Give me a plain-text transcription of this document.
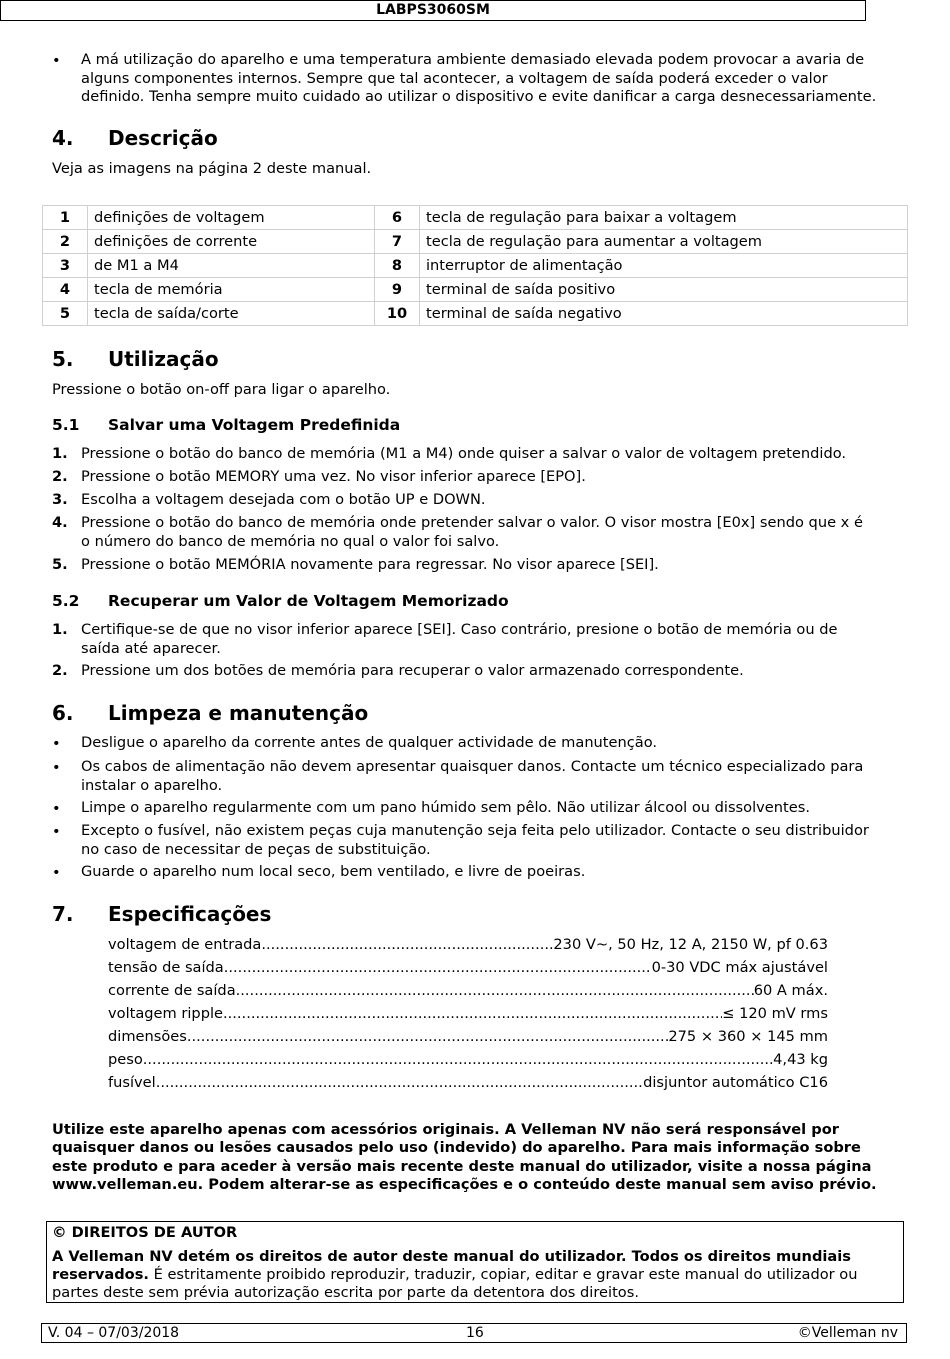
LABPS3060SM
• A má utilização do aparelho e uma temperatura ambiente demasiado elevada podem provocar a avaria de
alguns componentes internos. Sempre que tal acontecer, a voltagem de saída poderá exceder o valor
definido. Tenha sempre muito cuidado ao utilizar o dispositivo e evite danificar a carga desnecessariamente.
4. Descrição
Veja as imagens na página 2 deste manual.
1	definições de voltagem	6	tecla de regulação para baixar a voltagem
2	definições de corrente	7	tecla de regulação para aumentar a voltagem
3	de M1 a M4	8	interruptor de alimentação
4	tecla de memória	9	terminal de saída positivo
5	tecla de saída/corte	10	terminal de saída negativo
5. Utilização
Pressione o botão on-off para ligar o aparelho.
5.1 Salvar uma Voltagem Predefinida
1. Pressione o botão do banco de memória (M1 a M4) onde quiser a salvar o valor de voltagem pretendido.
2. Pressione o botão MEMORY uma vez. No visor inferior aparece [EPO].
3. Escolha a voltagem desejada com o botão UP e DOWN.
4. Pressione o botão do banco de memória onde pretender salvar o valor. O visor mostra [E0x] sendo que x é
o número do banco de memória no qual o valor foi salvo.
5. Pressione o botão MEMÓRIA novamente para regressar. No visor aparece [SEI].
5.2 Recuperar um Valor de Voltagem Memorizado
1. Certifique-se de que no visor inferior aparece [SEI]. Caso contrário, presione o botão de memória ou de
saída até aparecer.
2. Pressione um dos botões de memória para recuperar o valor armazenado correspondente.
6. Limpeza e manutenção
• Desligue o aparelho da corrente antes de qualquer actividade de manutenção.
• Os cabos de alimentação não devem apresentar quaisquer danos. Contacte um técnico especializado para
instalar o aparelho.
• Limpe o aparelho regularmente com um pano húmido sem pêlo. Não utilizar álcool ou dissolventes.
• Excepto o fusível, não existem peças cuja manutenção seja feita pelo utilizador. Contacte o seu distribuidor
no caso de necessitar de peças de substituição.
• Guarde o aparelho num local seco, bem ventilado, e livre de poeiras.
7. Especificações
voltagem de entrada .....	230 V~, 50 Hz, 12 A, 2150 W, pf 0.63
tensão de saída .....	0-30 VDC máx ajustável
corrente de saída .....	60 A máx.
voltagem ripple .....	≤ 120 mV rms
dimensões .....	275 × 360 × 145 mm
peso .....	4,43 kg
fusível .....	disjuntor automático C16
Utilize este aparelho apenas com acessórios originais. A Velleman NV não será responsável por
quaisquer danos ou lesões causados pelo uso (indevido) do aparelho. Para mais informação sobre
este produto e para aceder à versão mais recente deste manual do utilizador, visite a nossa página
www.velleman.eu. Podem alterar-se as especificações e o conteúdo deste manual sem aviso prévio.
© DIREITOS DE AUTOR
A Velleman NV detém os direitos de autor deste manual do utilizador. Todos os direitos mundiais
reservados. É estritamente proibido reproduzir, traduzir, copiar, editar e gravar este manual do utilizador ou
partes deste sem prévia autorização escrita por parte da detentora dos direitos.
V. 04 – 07/03/2018	16	©Velleman nv
